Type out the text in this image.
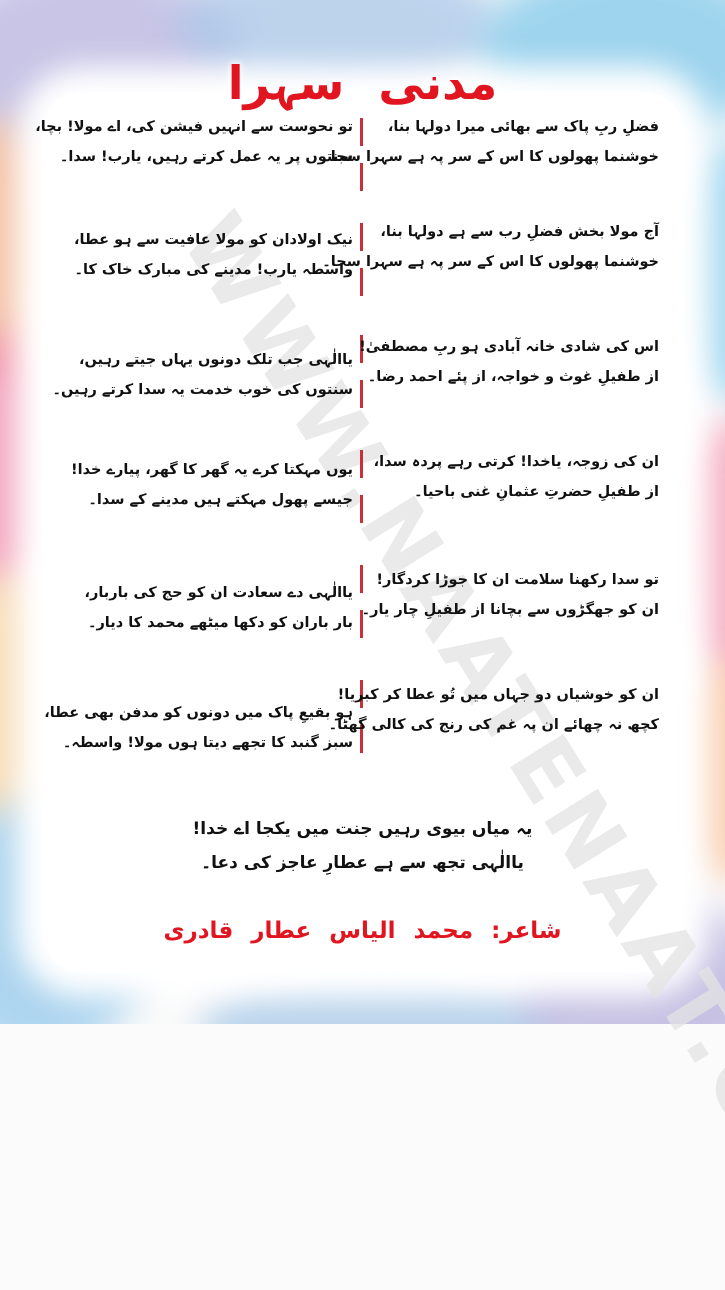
مدنی سہرا
فضلِ ربِ پاک سے بھائی میرا دولہا بنا،
خوشنما پھولوں کا اس کے سر پہ ہے سہرا سجا۔
آج مولا بخش فضلِ رب سے ہے دولہا بنا،
خوشنما پھولوں کا اس کے سر پہ ہے سہرا سجا۔
اس کی شادی خانہ آبادی ہو ربِ مصطفیٰ!
از طفیلِ غوث و خواجہ، از پئے احمد رضا۔
ان کی زوجہ، یاخدا! کرتی رہے پردہ سدا،
از طفیلِ حضرتِ عثمانِ غنی باحیا۔
تو سدا رکھنا سلامت ان کا جوڑا کردگار!
ان کو جھگڑوں سے بچانا از طفیلِ چار یار۔
ان کو خوشیاں دو جہاں میں تُو عطا کر کبریا!
کچھ نہ چھائے ان پہ غم کی رنج کی کالی گھٹا۔
تو نحوست سے انہیں فیشن کی، اے مولا! بچا،
سنتوں پر یہ عمل کرتے رہیں، یارب! سدا۔
نیک اولادان کو مولا عافیت سے ہو عطا،
واسطہ یارب! مدینے کی مبارک خاک کا۔
یاالٰہی جب تلک دونوں یہاں جیتے رہیں،
سنتوں کی خوب خدمت یہ سدا کرتے رہیں۔
یوں مہکتا کرے یہ گھر کا گھر، پیارے خدا!
جیسے پھول مہکتے ہیں مدینے کے سدا۔
یاالٰہی دے سعادت ان کو حج کی باربار،
بار باران کو دکھا میٹھے محمد کا دیار۔
ہو بقیعِ پاک میں دونوں کو مدفن بھی عطا،
سبز گنبد کا تجھے دیتا ہوں مولا! واسطہ۔
یہ میاں بیوی رہیں جنت میں یکجا اے خدا!
یاالٰہی تجھ سے ہے عطارِ عاجز کی دعا۔
شاعر: محمد الیاس عطار قادری
